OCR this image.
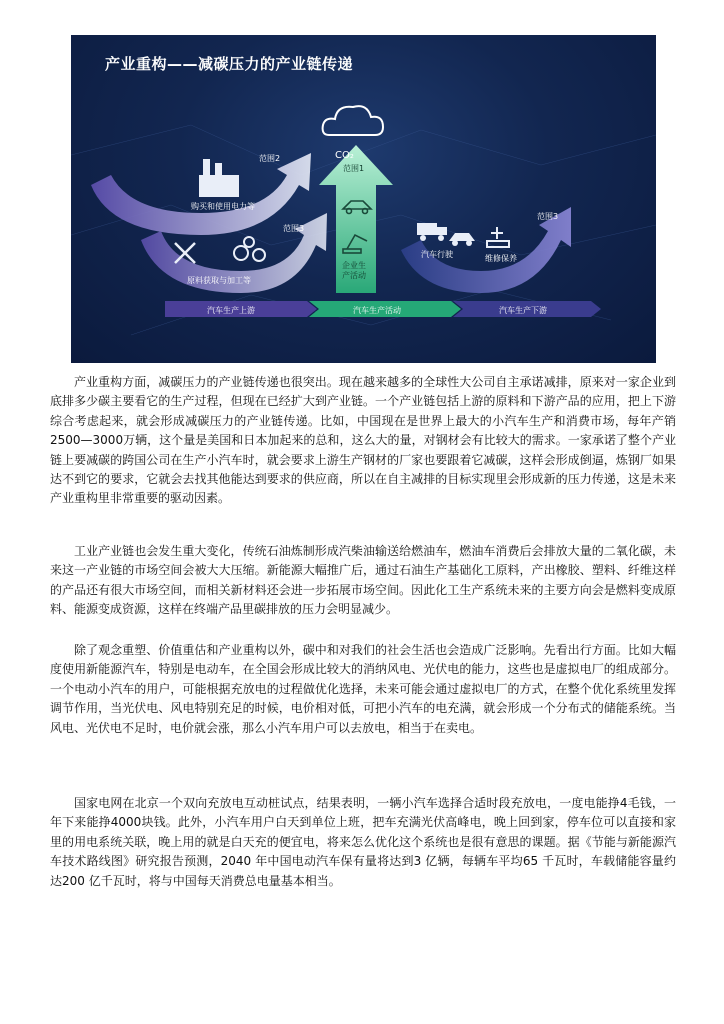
产业重构——减碳压力的产业链传递
CO₂
范围2
范围1
范围3
范围3
购买和使用电力等
原料获取与加工等
企业生产活动
汽车行驶	维修保养
汽车生产上游	汽车生产活动	汽车生产下游

产业重构方面，减碳压力的产业链传递也很突出。现在越来越多的全球性大公司自主承诺减排，原来对一家企业到底排多少碳主要看它的生产过程，但现在已经扩大到产业链。一个产业链包括上游的原料和下游产品的应用，把上下游综合考虑起来，就会形成减碳压力的产业链传递。比如，中国现在是世界上最大的小汽车生产和消费市场，每年产销2500—3000万辆，这个量是美国和日本加起来的总和，这么大的量，对钢材会有比较大的需求。一家承诺了整个产业链上要减碳的跨国公司在生产小汽车时，就会要求上游生产钢材的厂家也要跟着它减碳，这样会形成倒逼，炼钢厂如果达不到它的要求，它就会去找其他能达到要求的供应商，所以在自主减排的目标实现里会形成新的压力传递，这是未来产业重构里非常重要的驱动因素。

工业产业链也会发生重大变化，传统石油炼制形成汽柴油输送给燃油车，燃油车消费后会排放大量的二氧化碳，未来这一产业链的市场空间会被大大压缩。新能源大幅推广后，通过石油生产基础化工原料，产出橡胶、塑料、纤维这样的产品还有很大市场空间，而相关新材料还会进一步拓展市场空间。因此化工生产系统未来的主要方向会是燃料变成原料、能源变成资源，这样在终端产品里碳排放的压力会明显减少。

除了观念重塑、价值重估和产业重构以外，碳中和对我们的社会生活也会造成广泛影响。先看出行方面。比如大幅度使用新能源汽车，特别是电动车，在全国会形成比较大的消纳风电、光伏电的能力，这些也是虚拟电厂的组成部分。一个电动小汽车的用户，可能根据充放电的过程做优化选择，未来可能会通过虚拟电厂的方式，在整个优化系统里发挥调节作用，当光伏电、风电特别充足的时候，电价相对低，可把小汽车的电充满，就会形成一个分布式的储能系统。当风电、光伏电不足时，电价就会涨，那么小汽车用户可以去放电，相当于在卖电。

国家电网在北京一个双向充放电互动桩试点，结果表明，一辆小汽车选择合适时段充放电，一度电能挣4毛钱，一年下来能挣4000块钱。此外，小汽车用户白天到单位上班，把车充满光伏高峰电，晚上回到家，停车位可以直接和家里的用电系统关联，晚上用的就是白天充的便宜电，将来怎么优化这个系统也是很有意思的课题。据《节能与新能源汽车技术路线图》研究报告预测，2040 年中国电动汽车保有量将达到3 亿辆，每辆车平均65 千瓦时，车载储能容量约达200 亿千瓦时，将与中国每天消费总电量基本相当。
